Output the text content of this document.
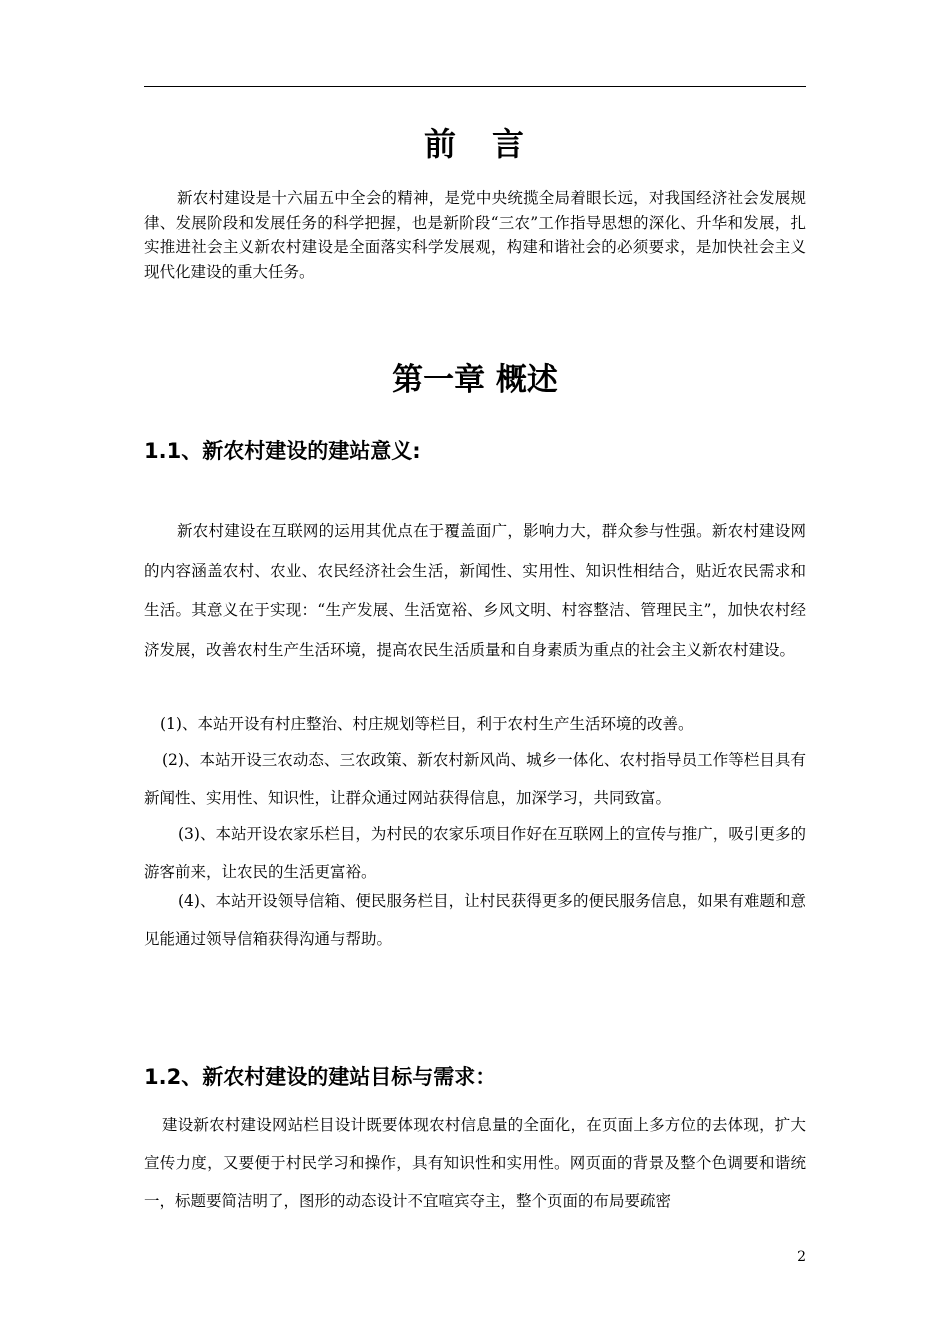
前　言

新农村建设是十六届五中全会的精神，是党中央统揽全局着眼长远，对我国经济社会发展规律、发展阶段和发展任务的科学把握，也是新阶段“三农”工作指导思想的深化、升华和发展，扎实推进社会主义新农村建设是全面落实科学发展观，构建和谐社会的必须要求，是加快社会主义现代化建设的重大任务。

第一章 概述
1.1、新农村建设的建站意义:

新农村建设在互联网的运用其优点在于覆盖面广，影响力大，群众参与性强。新农村建设网的内容涵盖农村、农业、农民经济社会生活，新闻性、实用性、知识性相结合，贴近农民需求和生活。其意义在于实现：“生产发展、生活宽裕、乡风文明、村容整洁、管理民主”，加快农村经济发展，改善农村生产生活环境，提高农民生活质量和自身素质为重点的社会主义新农村建设。

(1)、本站开设有村庄整治、村庄规划等栏目，利于农村生产生活环境的改善。

(2)、本站开设三农动态、三农政策、新农村新风尚、城乡一体化、农村指导员工作等栏目具有新闻性、实用性、知识性，让群众通过网站获得信息，加深学习，共同致富。

(3)、本站开设农家乐栏目，为村民的农家乐项目作好在互联网上的宣传与推广，吸引更多的游客前来，让农民的生活更富裕。

(4)、本站开设领导信箱、便民服务栏目，让村民获得更多的便民服务信息，如果有难题和意见能通过领导信箱获得沟通与帮助。

1.2、新农村建设的建站目标与需求：

建设新农村建设网站栏目设计既要体现农村信息量的全面化，在页面上多方位的去体现，扩大宣传力度，又要便于村民学习和操作，具有知识性和实用性。网页面的背景及整个色调要和谐统一，标题要简洁明了，图形的动态设计不宜喧宾夺主，整个页面的布局要疏密

2
